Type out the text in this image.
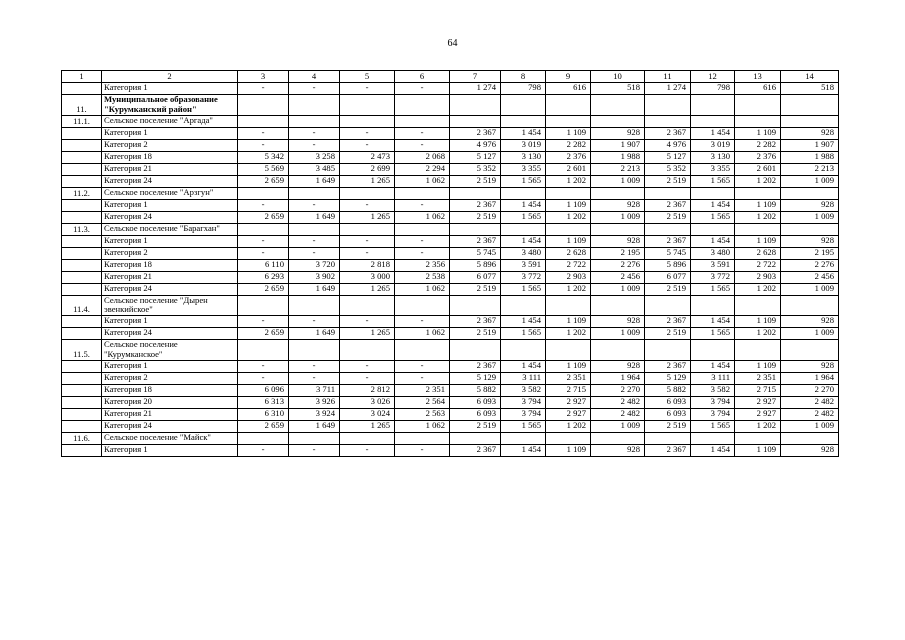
64
1	2	3	4	5	6	7	8	9	10	11	12	13	14
	Категория 1	-	-	-	-	1 274	798	616	518	1 274	798	616	518
11.	Муниципальное образование "Курумканский район"												
11.1.	Сельское поселение "Аргада"												
	Категория 1	-	-	-	-	2 367	1 454	1 109	928	2 367	1 454	1 109	928
	Категория 2	-	-	-	-	4 976	3 019	2 282	1 907	4 976	3 019	2 282	1 907
	Категория 18	5 342	3 258	2 473	2 068	5 127	3 130	2 376	1 988	5 127	3 130	2 376	1 988
	Категория 21	5 569	3 485	2 699	2 294	5 352	3 355	2 601	2 213	5 352	3 355	2 601	2 213
	Категория 24	2 659	1 649	1 265	1 062	2 519	1 565	1 202	1 009	2 519	1 565	1 202	1 009
11.2.	Сельское поселение "Арзгун"												
	Категория 1	-	-	-	-	2 367	1 454	1 109	928	2 367	1 454	1 109	928
	Категория 24	2 659	1 649	1 265	1 062	2 519	1 565	1 202	1 009	2 519	1 565	1 202	1 009
11.3.	Сельское поселение "Барагхан"												
	Категория 1	-	-	-	-	2 367	1 454	1 109	928	2 367	1 454	1 109	928
	Категория 2	-	-	-	-	5 745	3 480	2 628	2 195	5 745	3 480	2 628	2 195
	Категория 18	6 110	3 720	2 818	2 356	5 896	3 591	2 722	2 276	5 896	3 591	2 722	2 276
	Категория 21	6 293	3 902	3 000	2 538	6 077	3 772	2 903	2 456	6 077	3 772	2 903	2 456
	Категория 24	2 659	1 649	1 265	1 062	2 519	1 565	1 202	1 009	2 519	1 565	1 202	1 009
11.4.	Сельское поселение "Дырен эвенкийское"												
	Категория 1	-	-	-	-	2 367	1 454	1 109	928	2 367	1 454	1 109	928
	Категория 24	2 659	1 649	1 265	1 062	2 519	1 565	1 202	1 009	2 519	1 565	1 202	1 009
11.5.	Сельское поселение "Курумканское"												
	Категория 1	-	-	-	-	2 367	1 454	1 109	928	2 367	1 454	1 109	928
	Категория 2	-	-	-	-	5 129	3 111	2 351	1 964	5 129	3 111	2 351	1 964
	Категория 18	6 096	3 711	2 812	2 351	5 882	3 582	2 715	2 270	5 882	3 582	2 715	2 270
	Категория 20	6 313	3 926	3 026	2 564	6 093	3 794	2 927	2 482	6 093	3 794	2 927	2 482
	Категория 21	6 310	3 924	3 024	2 563	6 093	3 794	2 927	2 482	6 093	3 794	2 927	2 482
	Категория 24	2 659	1 649	1 265	1 062	2 519	1 565	1 202	1 009	2 519	1 565	1 202	1 009
11.6.	Сельское поселение "Майск"												
	Категория 1	-	-	-	-	2 367	1 454	1 109	928	2 367	1 454	1 109	928
